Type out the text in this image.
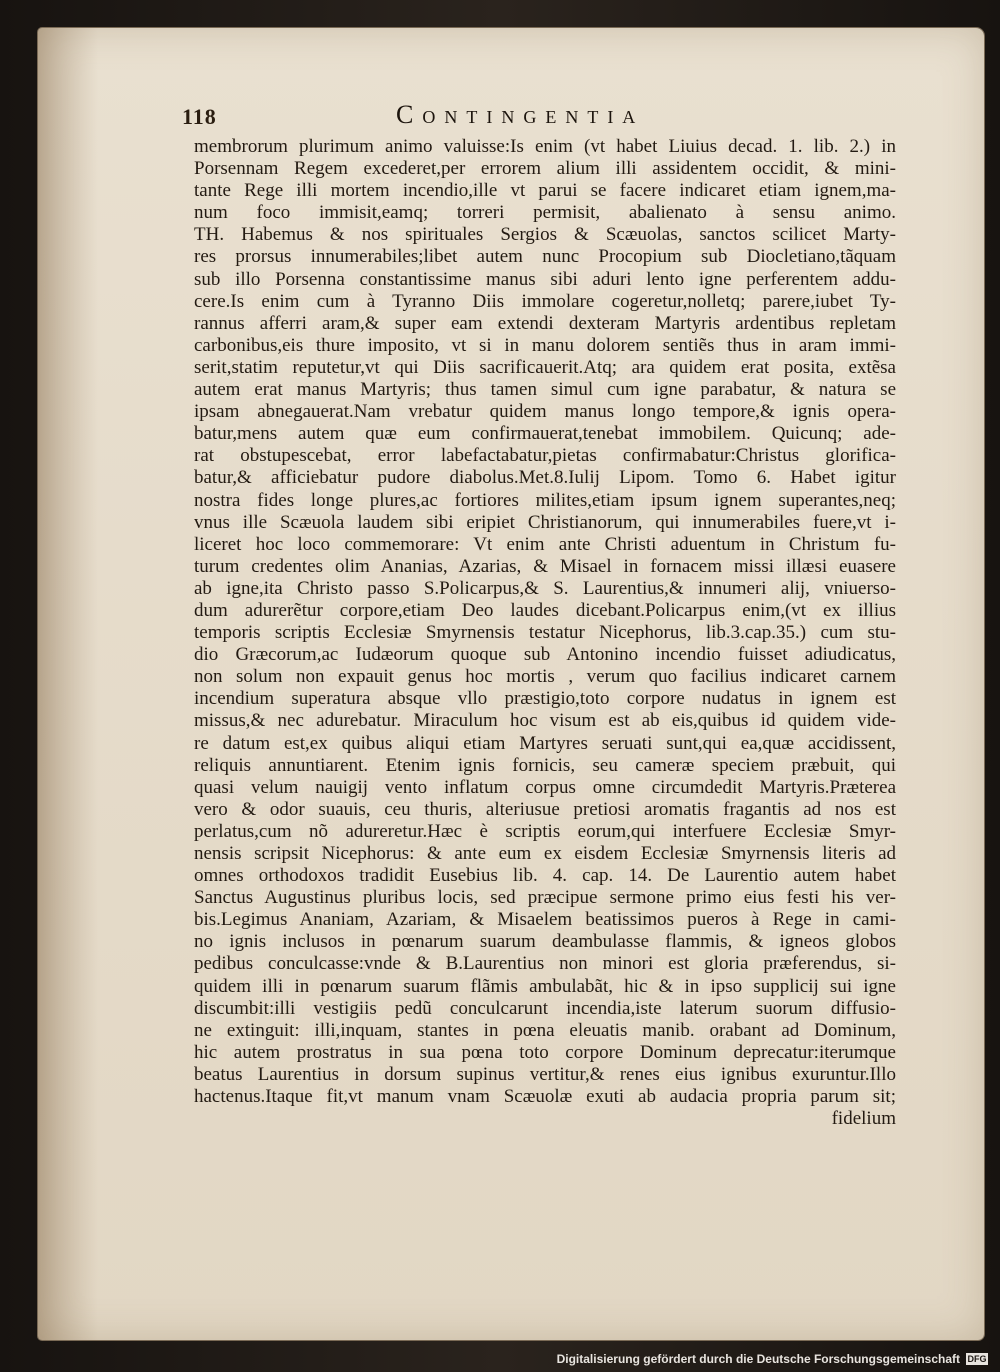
118	Contingentia
membrorum plurimum animo valuisse:Is enim (vt habet Liuius decad. 1. lib. 2.) in
Porsennam Regem excederet,per errorem alium illi assidentem occidit, & mini-
tante Rege illi mortem incendio,ille vt parui se facere indicaret etiam ignem,ma-
num foco immisit,eamq; torreri permisit, abalienato à sensu animo.
TH. Habemus & nos spirituales Sergios & Scæuolas, sanctos scilicet Marty-
res prorsus innumerabiles;libet autem nunc Procopium sub Diocletiano,tãquam
sub illo Porsenna constantissime manus sibi aduri lento igne perferentem addu-
cere.Is enim cum à Tyranno Diis immolare cogeretur,nolletq; parere,iubet Ty-
rannus afferri aram,& super eam extendi dexteram Martyris ardentibus repletam
carbonibus,eis thure imposito, vt si in manu dolorem sentiẽs thus in aram immi-
serit,statim reputetur,vt qui Diis sacrificauerit.Atq; ara quidem erat posita, extẽsa
autem erat manus Martyris; thus tamen simul cum igne parabatur, & natura se
ipsam abnegauerat.Nam vrebatur quidem manus longo tempore,& ignis opera-
batur,mens autem quæ eum confirmauerat,tenebat immobilem. Quicunq; ade-
rat obstupescebat, error labefactabatur,pietas confirmabatur:Christus glorifica-
batur,& afficiebatur pudore diabolus.Met.8.Iulij Lipom. Tomo 6. Habet igitur
nostra fides longe plures,ac fortiores milites,etiam ipsum ignem superantes,neq;
vnus ille Scæuola laudem sibi eripiet Christianorum, qui innumerabiles fuere,vt i-
liceret hoc loco commemorare: Vt enim ante Christi aduentum in Christum fu-
turum credentes olim Ananias, Azarias, & Misael in fornacem missi illæsi euasere
ab igne,ita Christo passo S.Policarpus,& S. Laurentius,& innumeri alij, vniuerso-
dum adurerẽtur corpore,etiam Deo laudes dicebant.Policarpus enim,(vt ex illius
temporis scriptis Ecclesiæ Smyrnensis testatur Nicephorus, lib.3.cap.35.) cum stu-
dio Græcorum,ac Iudæorum quoque sub Antonino incendio fuisset adiudicatus,
non solum non expauit genus hoc mortis , verum quo facilius indicaret carnem
incendium superatura absque vllo præstigio,toto corpore nudatus in ignem est
missus,& nec adurebatur. Miraculum hoc visum est ab eis,quibus id quidem vide-
re datum est,ex quibus aliqui etiam Martyres seruati sunt,qui ea,quæ accidissent,
reliquis annuntiarent. Etenim ignis fornicis, seu cameræ speciem præbuit, qui
quasi velum nauigij vento inflatum corpus omne circumdedit Martyris.Præterea
vero & odor suauis, ceu thuris, alteriusue pretiosi aromatis fragantis ad nos est
perlatus,cum nõ adureretur.Hæc è scriptis eorum,qui interfuere Ecclesiæ Smyr-
nensis scripsit Nicephorus: & ante eum ex eisdem Ecclesiæ Smyrnensis literis ad
omnes orthodoxos tradidit Eusebius lib. 4. cap. 14. De Laurentio autem habet
Sanctus Augustinus pluribus locis, sed præcipue sermone primo eius festi his ver-
bis.Legimus Ananiam, Azariam, & Misaelem beatissimos pueros à Rege in cami-
no ignis inclusos in pœnarum suarum deambulasse flammis, & igneos globos
pedibus conculcasse:vnde & B.Laurentius non minori est gloria præferendus, si-
quidem illi in pœnarum suarum flãmis ambulabãt, hic & in ipso supplicij sui igne
discumbit:illi vestigiis pedũ conculcarunt incendia,iste laterum suorum diffusio-
ne extinguit: illi,inquam, stantes in pœna eleuatis manib. orabant ad Dominum,
hic autem prostratus in sua pœna toto corpore Dominum deprecatur:iterumque
beatus Laurentius in dorsum supinus vertitur,& renes eius ignibus exuruntur.Illo
hactenus.Itaque fit,vt manum vnam Scæuolæ exuti ab audacia propria parum sit;
fidelium
Digitalisierung gefördert durch die Deutsche Forschungsgemeinschaft DFG
